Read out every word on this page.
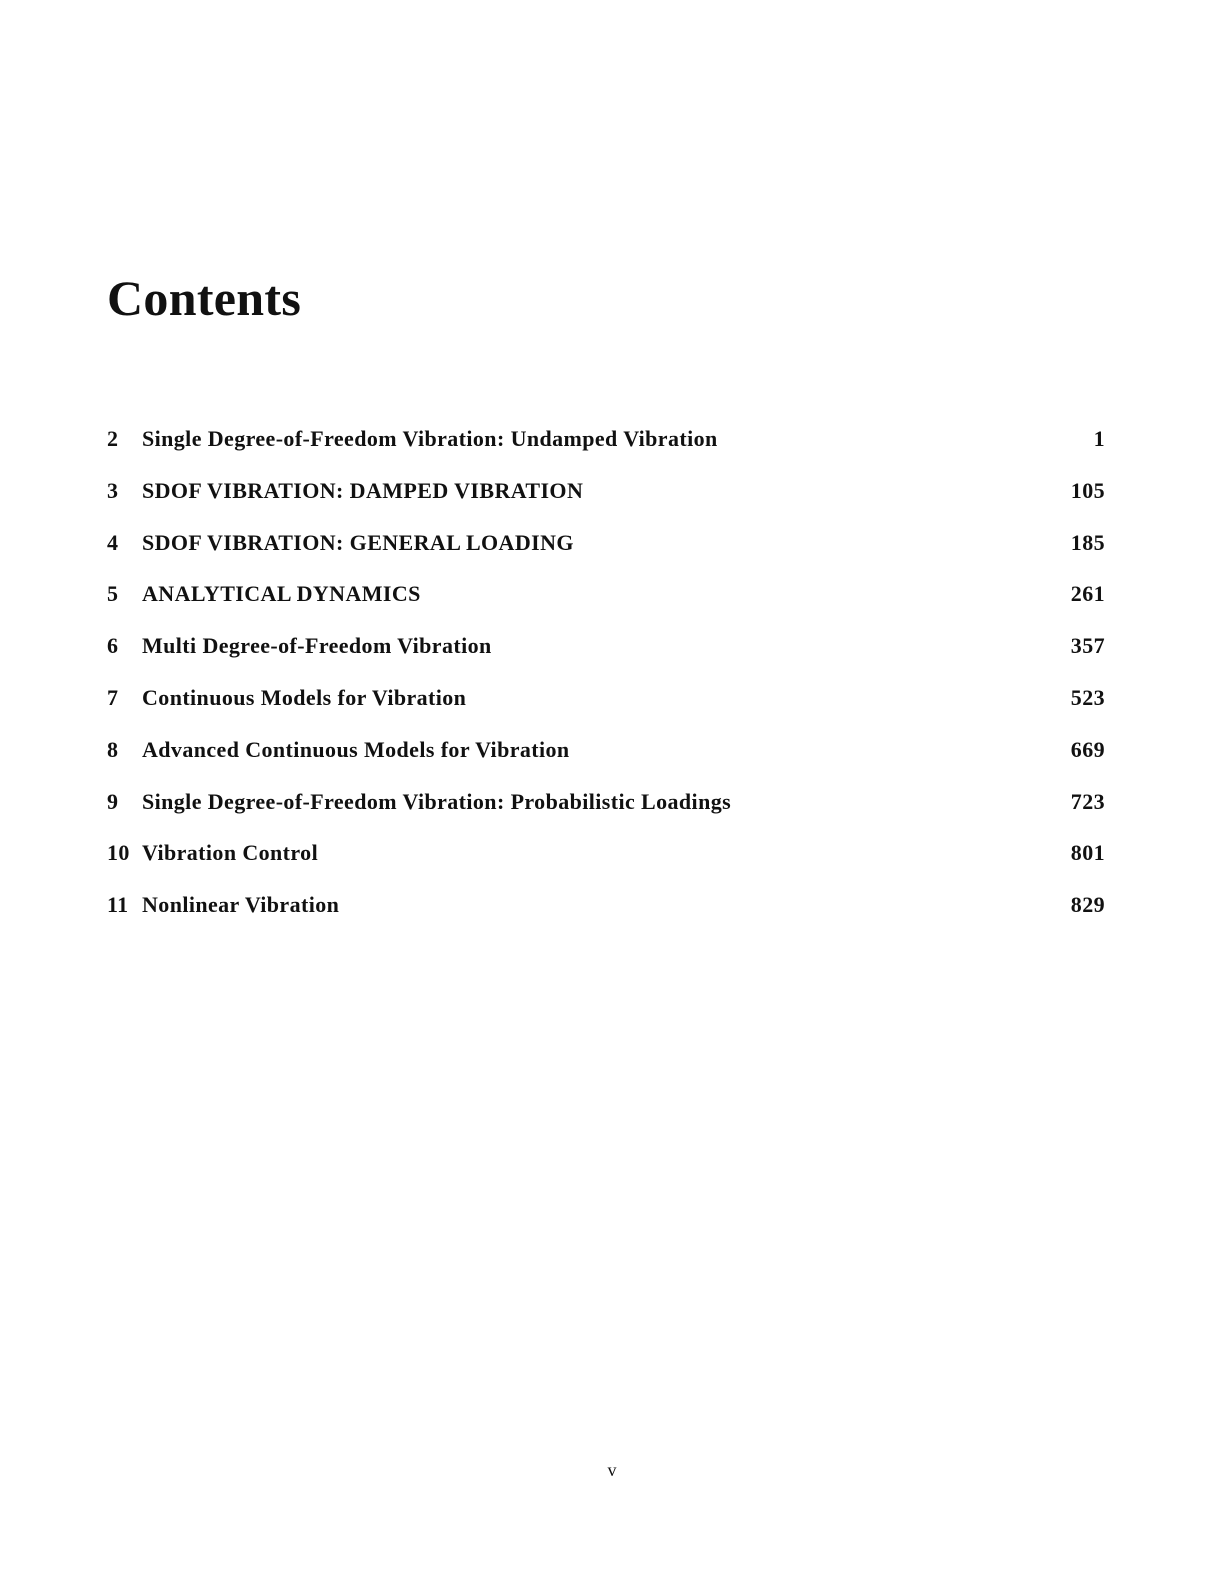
Contents
2	Single Degree-of-Freedom Vibration: Undamped Vibration	1
3	SDOF VIBRATION: DAMPED VIBRATION	105
4	SDOF VIBRATION: GENERAL LOADING	185
5	ANALYTICAL DYNAMICS	261
6	Multi Degree-of-Freedom Vibration	357
7	Continuous Models for Vibration	523
8	Advanced Continuous Models for Vibration	669
9	Single Degree-of-Freedom Vibration: Probabilistic Loadings	723
10 Vibration Control	801
11 Nonlinear Vibration	829
v
